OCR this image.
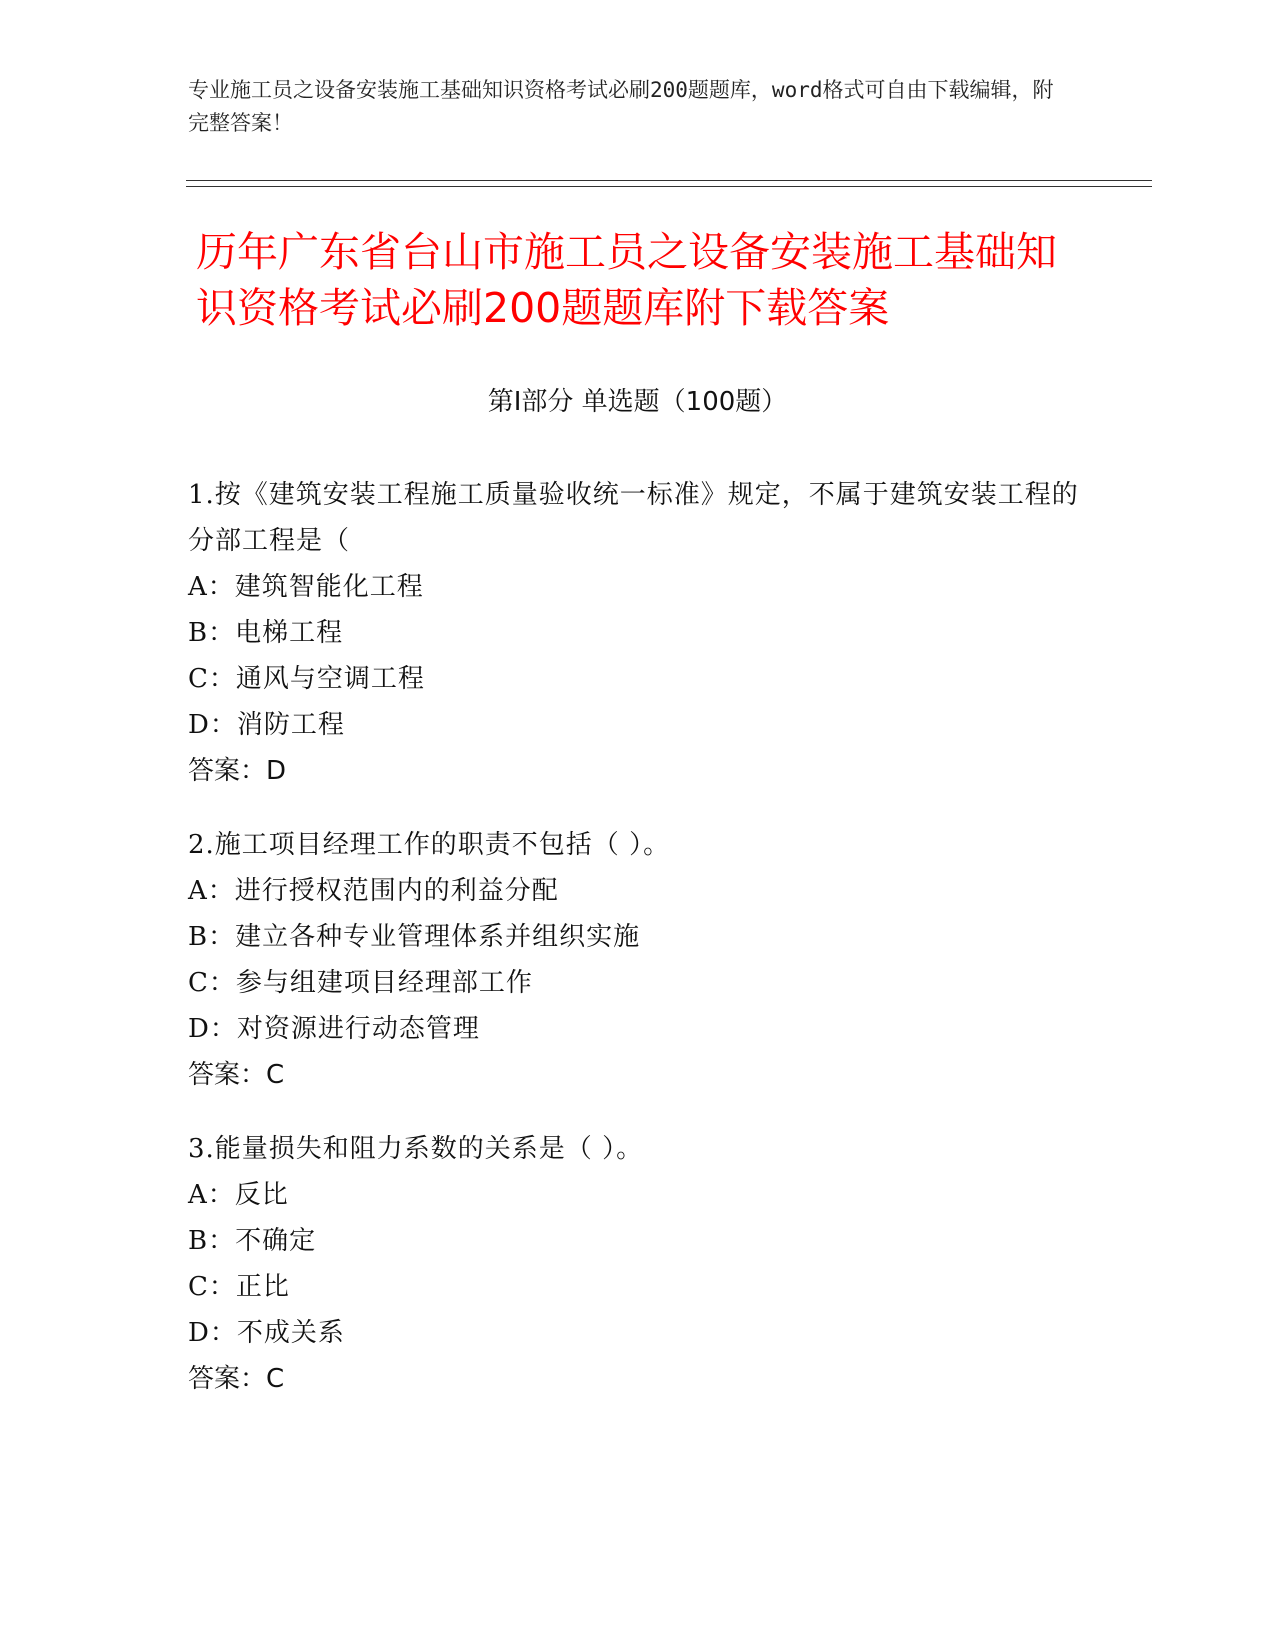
专业施工员之设备安装施工基础知识资格考试必刷200题题库，word格式可自由下载编辑，附完整答案！
历年广东省台山市施工员之设备安装施工基础知识资格考试必刷200题题库附下载答案
第Ⅰ部分 单选题（100题）
1.按《建筑安装工程施工质量验收统一标准》规定，不属于建筑安装工程的分部工程是（
A：建筑智能化工程
B：电梯工程
C：通风与空调工程
D：消防工程
答案：D
2.施工项目经理工作的职责不包括（ ）。
A：进行授权范围内的利益分配
B：建立各种专业管理体系并组织实施
C：参与组建项目经理部工作
D：对资源进行动态管理
答案：C
3.能量损失和阻力系数的关系是（ ）。
A：反比
B：不确定
C：正比
D：不成关系
答案：C
